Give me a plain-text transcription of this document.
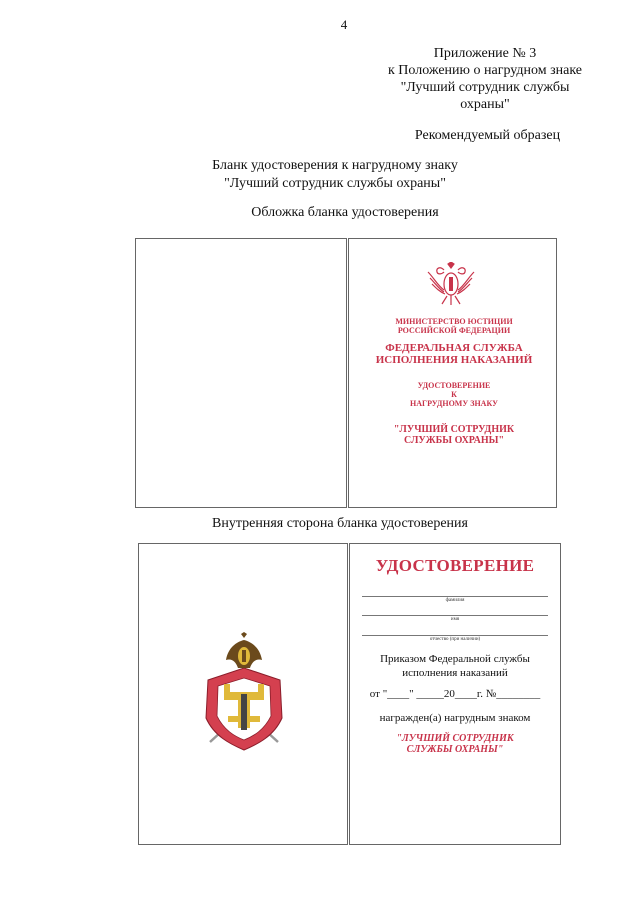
4
Приложение № 3
к Положению о нагрудном знаке
"Лучший сотрудник службы
охраны"
Рекомендуемый образец
Бланк удостоверения к нагрудному знаку
"Лучший сотрудник службы охраны"
Обложка бланка удостоверения
МИНИСТЕРСТВО ЮСТИЦИИ
РОССИЙСКОЙ ФЕДЕРАЦИИ
ФЕДЕРАЛЬНАЯ СЛУЖБА
ИСПОЛНЕНИЯ НАКАЗАНИЙ
УДОСТОВЕРЕНИЕ
К
НАГРУДНОМУ ЗНАКУ
"ЛУЧШИЙ СОТРУДНИК
СЛУЖБЫ ОХРАНЫ"
Внутренняя сторона бланка удостоверения
УДОСТОВЕРЕНИЕ
фамилия
имя
отчество (при наличии)
Приказом Федеральной службы
исполнения наказаний
от "____" _____20____г. №________
награжден(а) нагрудным знаком
"ЛУЧШИЙ СОТРУДНИК
СЛУЖБЫ ОХРАНЫ"
